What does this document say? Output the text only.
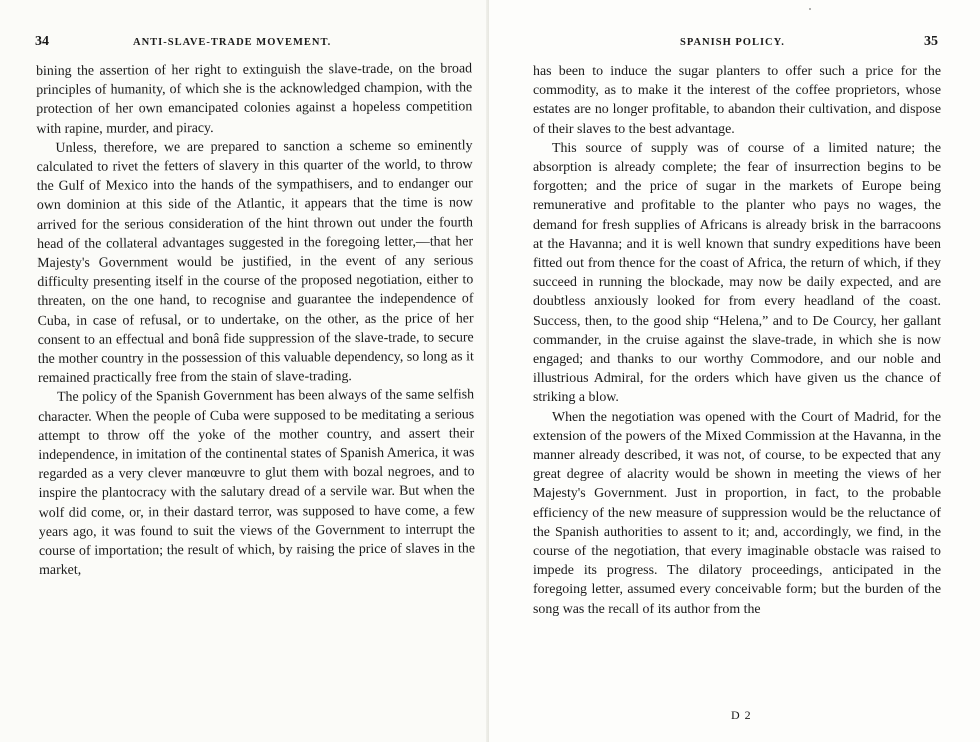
34	ANTI-SLAVE-TRADE MOVEMENT.

bining the assertion of her right to extinguish the slave-trade, on the broad principles of humanity, of which she is the acknowledged champion, with the protection of her own emancipated colonies against a hopeless competition with rapine, murder, and piracy.

Unless, therefore, we are prepared to sanction a scheme so eminently calculated to rivet the fetters of slavery in this quarter of the world, to throw the Gulf of Mexico into the hands of the sympathisers, and to endanger our own dominion at this side of the Atlantic, it appears that the time is now arrived for the serious consideration of the hint thrown out under the fourth head of the collateral advantages suggested in the foregoing letter,—that her Majesty's Government would be justified, in the event of any serious difficulty presenting itself in the course of the proposed negotiation, either to threaten, on the one hand, to recognise and guarantee the independence of Cuba, in case of refusal, or to undertake, on the other, as the price of her consent to an effectual and bonâ fide suppression of the slave-trade, to secure the mother country in the possession of this valuable dependency, so long as it remained practically free from the stain of slave-trading.

The policy of the Spanish Government has been always of the same selfish character. When the people of Cuba were supposed to be meditating a serious attempt to throw off the yoke of the mother country, and assert their independence, in imitation of the continental states of Spanish America, it was regarded as a very clever manœuvre to glut them with bozal negroes, and to inspire the plantocracy with the salutary dread of a servile war. But when the wolf did come, or, in their dastard terror, was supposed to have come, a few years ago, it was found to suit the views of the Government to interrupt the course of importation; the result of which, by raising the price of slaves in the market,

SPANISH POLICY.	35

has been to induce the sugar planters to offer such a price for the commodity, as to make it the interest of the coffee proprietors, whose estates are no longer profitable, to abandon their cultivation, and dispose of their slaves to the best advantage.

This source of supply was of course of a limited nature; the absorption is already complete; the fear of insurrection begins to be forgotten; and the price of sugar in the markets of Europe being remunerative and profitable to the planter who pays no wages, the demand for fresh supplies of Africans is already brisk in the barracoons at the Havanna; and it is well known that sundry expeditions have been fitted out from thence for the coast of Africa, the return of which, if they succeed in running the blockade, may now be daily expected, and are doubtless anxiously looked for from every headland of the coast. Success, then, to the good ship “Helena,” and to De Courcy, her gallant commander, in the cruise against the slave-trade, in which she is now engaged; and thanks to our worthy Commodore, and our noble and illustrious Admiral, for the orders which have given us the chance of striking a blow.

When the negotiation was opened with the Court of Madrid, for the extension of the powers of the Mixed Commission at the Havanna, in the manner already described, it was not, of course, to be expected that any great degree of alacrity would be shown in meeting the views of her Majesty's Government. Just in proportion, in fact, to the probable efficiency of the new measure of suppression would be the reluctance of the Spanish authorities to assent to it; and, accordingly, we find, in the course of the negotiation, that every imaginable obstacle was raised to impede its progress. The dilatory proceedings, anticipated in the foregoing letter, assumed every conceivable form; but the burden of the song was the recall of its author from the

D 2
